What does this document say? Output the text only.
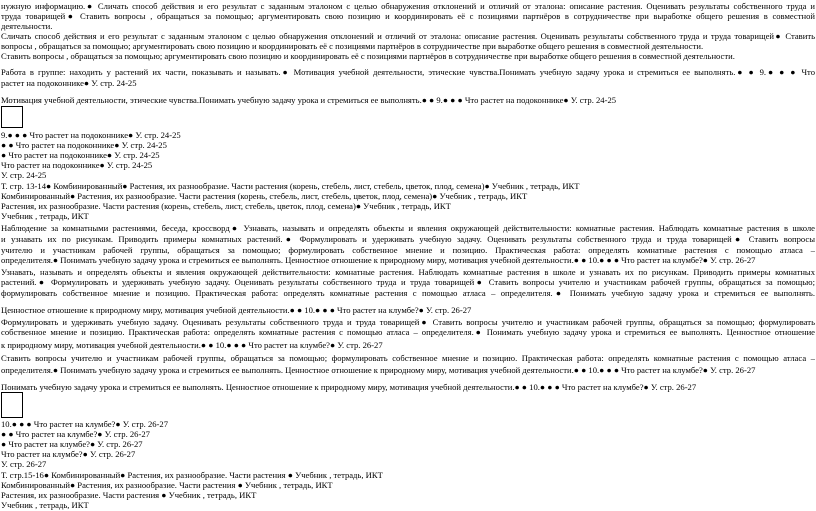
нужную информацию.● Сличать способ действия и его результат с заданным эталоном с целью обнаружения отклонений и отличий от эталона: описание растения. Оценивать результаты собственного труда и
труда товарищей● Ставить вопросы , обращаться за помощью; аргументировать свою позицию и координировать её с позициями партнёров в сотрудничестве при выработке общего решения в совместной
деятельности.
Сличать способ действия и его результат с заданным эталоном с целью обнаружения отклонений и отличий от эталона: описание растения. Оценивать результаты собственного труда и труда товарищей● Ставить
вопросы , обращаться за помощью; аргументировать свою позицию и координировать её с позициями партнёров в сотрудничестве при выработке общего решения в совместной деятельности.
Ставить вопросы , обращаться за помощью; аргументировать свою позицию и координировать её с позициями партнёров в сотрудничестве при выработке общего решения в совместной деятельности.
Работа в группе: находить у растений их части, показывать и называть.● Мотивация учебной деятельности, этические чувства.Понимать учебную задачу урока и стремиться ее выполнять.● ● 9.● ● ● Что
растет на подоконнике● У. стр. 24-25
Мотивация учебной деятельности, этические чувства.Понимать учебную задачу урока и стремиться ее выполнять.● ● 9.● ● ● Что растет на подоконнике● У. стр. 24-25
9.● ● ● Что растет на подоконнике● У. стр. 24-25
● ● Что растет на подоконнике● У. стр. 24-25
● Что растет на подоконнике● У. стр. 24-25
Что растет на подоконнике● У. стр. 24-25
У. стр. 24-25
Т. стр. 13-14● Комбинированный● Растения, их разнообразие. Части растения (корень, стебель, лист, стебель, цветок, плод, семена)● Учебник , тетрадь, ИКТ
Комбинированный● Растения, их разнообразие. Части растения (корень, стебель, лист, стебель, цветок, плод, семена)● Учебник , тетрадь, ИКТ
Растения, их разнообразие. Части растения (корень, стебель, лист, стебель, цветок, плод, семена)● Учебник , тетрадь, ИКТ
Учебник , тетрадь, ИКТ
Наблюдение за комнатными растениями, беседа, кроссворд● Узнавать, называть и определять объекты и явления окружающей действительности: комнатные растения. Наблюдать комнатные растения в школе
и узнавать их по рисункам. Приводить примеры комнатных растений.● Формулировать и удерживать учебную задачу. Оценивать результаты собственного труда и труда товарищей● Ставить вопросы
учителю и участникам рабочей группы, обращаться за помощью; формулировать собственное мнение и позицию. Практическая работа: определять комнатные растения с помощью атласа –
определителя.● Понимать учебную задачу урока и стремиться ее выполнять. Ценностное отношение к природному миру, мотивация учебной деятельности.● ● 10.● ● ● Что растет на клумбе?● У. стр. 26-27
Узнавать, называть и определять объекты и явления окружающей действительности: комнатные растения. Наблюдать комнатные растения в школе и узнавать их по рисункам. Приводить примеры комнатных
растений.● Формулировать и удерживать учебную задачу. Оценивать результаты собственного труда и труда товарищей● Ставить вопросы учителю и участникам рабочей группы, обращаться за помощью;
формулировать собственное мнение и позицию. Практическая работа: определять комнатные растения с помощью атласа – определителя.● Понимать учебную задачу урока и стремиться ее выполнять.
Ценностное отношение к природному миру, мотивация учебной деятельности.● ● 10.● ● ● Что растет на клумбе?● У. стр. 26-27
Формулировать и удерживать учебную задачу. Оценивать результаты собственного труда и труда товарищей● Ставить вопросы учителю и участникам рабочей группы, обращаться за помощью; формулировать
собственное мнение и позицию. Практическая работа: определять комнатные растения с помощью атласа – определителя.● Понимать учебную задачу урока и стремиться ее выполнять. Ценностное отношение
к природному миру, мотивация учебной деятельности.● ● 10.● ● ● Что растет на клумбе?● У. стр. 26-27
Ставить вопросы учителю и участникам рабочей группы, обращаться за помощью; формулировать собственное мнение и позицию. Практическая работа: определять комнатные растения с помощью атласа –
определителя.● Понимать учебную задачу урока и стремиться ее выполнять. Ценностное отношение к природному миру, мотивация учебной деятельности.● ● 10.● ● ● Что растет на клумбе?● У. стр. 26-27
Понимать учебную задачу урока и стремиться ее выполнять. Ценностное отношение к природному миру, мотивация учебной деятельности.● ● 10.● ● ● Что растет на клумбе?● У. стр. 26-27
10.● ● ● Что растет на клумбе?● У. стр. 26-27
● ● Что растет на клумбе?● У. стр. 26-27
● Что растет на клумбе?● У. стр. 26-27
Что растет на клумбе?● У. стр. 26-27
У. стр. 26-27
Т. стр.15-16● Комбинированный● Растения, их разнообразие. Части растения ● Учебник , тетрадь, ИКТ
Комбинированный● Растения, их разнообразие. Части растения ● Учебник , тетрадь, ИКТ
Растения, их разнообразие. Части растения ● Учебник , тетрадь, ИКТ
Учебник , тетрадь, ИКТ
